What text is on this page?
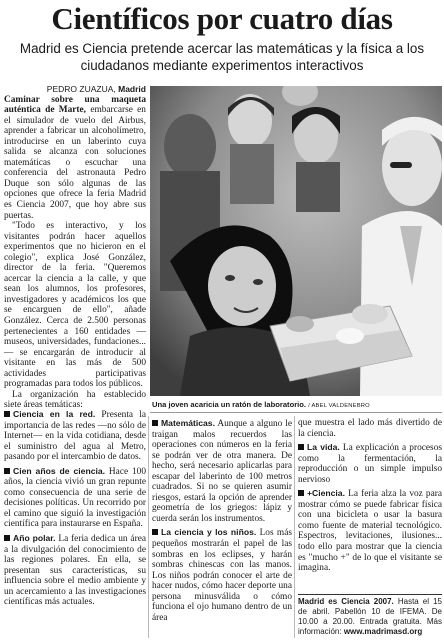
Científicos por cuatro días

Madrid es Ciencia pretende acercar las matemáticas y la física a los ciudadanos mediante experimentos interactivos

PEDRO ZUAZUA, Madrid

Caminar sobre una maqueta auténtica de Marte, embarcarse en el simulador de vuelo del Airbus, aprender a fabricar un alcoholímetro, introducirse en un laberinto cuya salida se alcanza con soluciones matemáticas o escuchar una conferencia del astronauta Pedro Duque son sólo algunas de las opciones que ofrece la feria Madrid es Ciencia 2007, que hoy abre sus puertas.

"Todo es interactivo, y los visitantes podrán hacer aquellos experimentos que no hicieron en el colegio", explica José González, director de la feria. "Queremos acercar la ciencia a la calle, y que sean los alumnos, los profesores, investigadores y académicos los que se encarguen de ello", añade González. Cerca de 2.500 personas pertenecientes a 160 entidades —museos, universidades, fundaciones...— se encargarán de introducir al visitante en las más de 500 actividades participativas programadas para todos los públicos.

La organización ha establecido siete áreas temáticas:	Una joven acaricia un ratón de laboratorio. / ABEL VALDENEBRO

Ciencia en la red. Presenta la importancia de las redes —no sólo de Internet— en la vida cotidiana, desde el suministro del agua al Metro, pasando por el intercambio de datos.

Cien años de ciencia. Hace 100 años, la ciencia vivió un gran repunte como consecuencia de una serie de decisiones políticas. Un recorrido por el camino que siguió la investigación científica para instaurarse en España.

Año polar. La feria dedica un área a la divulgación del conocimiento de las regiones polares. En ella, se presentan sus características, su influencia sobre el medio ambiente y un acercamiento a las investigaciones científicas más actuales.

Matemáticas. Aunque a alguno le traigan malos recuerdos las operaciones con números en la feria se podrán ver de otra manera. De hecho, será necesario aplicarlas para escapar del laberinto de 100 metros cuadrados. Si no se quieren asumir riesgos, estará la opción de aprender geometría de los griegos: lápiz y cuerda serán los instrumentos.

La ciencia y los niños. Los más pequeños mostrarán el papel de las sombras en los eclipses, y harán sombras chinescas con las manos. Los niños podrán conocer el arte de hacer nudos, cómo hacer deporte una persona minusválida o cómo funciona el ojo humano dentro de un área

que muestra el lado más divertido de la ciencia.

La vida. La explicación a procesos como la fermentación, la reproducción o un simple impulso nervioso

+Ciencia. La feria alza la voz para mostrar cómo se puede fabricar física con una bicicleta o usar la basura como fuente de material tecnológico. Espectros, levitaciones, ilusiones... todo ello para mostrar que la ciencia es "mucho +" de lo que el visitante se imagina.

Madrid es Ciencia 2007. Hasta el 15 de abril. Pabellón 10 de IFEMA. De 10.00 a 20.00. Entrada gratuita. Más información: www.madrimasd.org
